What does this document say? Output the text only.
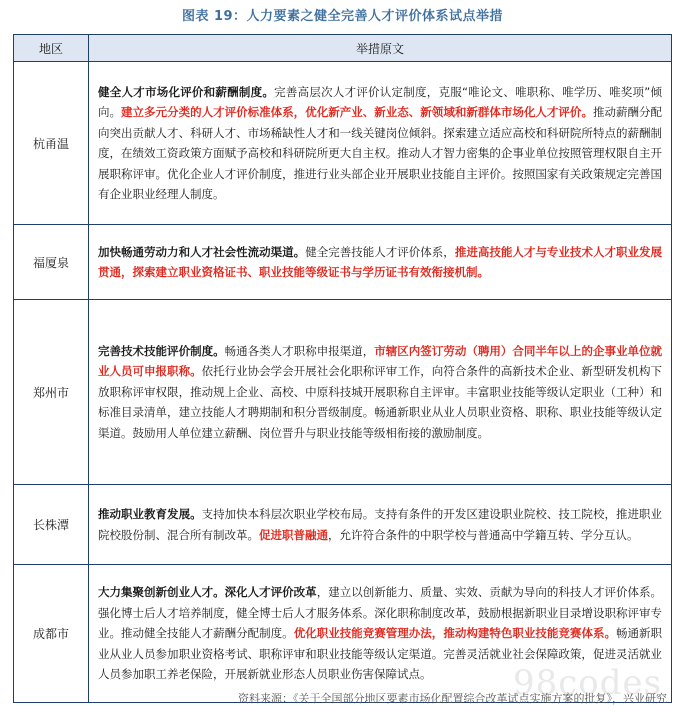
图表 19：人力要素之健全完善人才评价体系试点举措
地区	举措原文
杭甬温	健全人才市场化评价和薪酬制度。完善高层次人才评价认定制度，克服“唯论文、唯职称、唯学历、唯奖项”倾向。建立多元分类的人才评价标准体系，优化新产业、新业态、新领域和新群体市场化人才评价。推动薪酬分配向突出贡献人才、科研人才、市场稀缺性人才和一线关键岗位倾斜。探索建立适应高校和科研院所特点的薪酬制度，在绩效工资政策方面赋予高校和科研院所更大自主权。推动人才智力密集的企事业单位按照管理权限自主开展职称评审。优化企业人才评价制度，推进行业头部企业开展职业技能自主评价。按照国家有关政策规定完善国有企业职业经理人制度。
福厦泉	加快畅通劳动力和人才社会性流动渠道。健全完善技能人才评价体系，推进高技能人才与专业技术人才职业发展贯通，探索建立职业资格证书、职业技能等级证书与学历证书有效衔接机制。
郑州市	完善技术技能评价制度。畅通各类人才职称申报渠道，市辖区内签订劳动（聘用）合同半年以上的企事业单位就业人员可申报职称。依托行业协会学会开展社会化职称评审工作，向符合条件的高新技术企业、新型研发机构下放职称评审权限，推动规上企业、高校、中原科技城开展职称自主评审。丰富职业技能等级认定职业（工种）和标准目录清单，建立技能人才聘期制和积分晋级制度。畅通新职业从业人员职业资格、职称、职业技能等级认定渠道。鼓励用人单位建立薪酬、岗位晋升与职业技能等级相衔接的激励制度。
长株潭	推动职业教育发展。支持加快本科层次职业学校布局。支持有条件的开发区建设职业院校、技工院校，推进职业院校股份制、混合所有制改革。促进职普融通，允许符合条件的中职学校与普通高中学籍互转、学分互认。
成都市	大力集聚创新创业人才。深化人才评价改革，建立以创新能力、质量、实效、贡献为导向的科技人才评价体系。强化博士后人才培养制度，健全博士后人才服务体系。深化职称制度改革，鼓励根据新职业目录增设职称评审专业。推动健全技能人才薪酬分配制度。优化职业技能竞赛管理办法，推动构建特色职业技能竞赛体系。畅通新职业从业人员参加职业资格考试、职称评审和职业技能等级认定渠道。完善灵活就业社会保障政策，促进灵活就业人员参加职工养老保险，开展新就业形态人员职业伤害保障试点。 98codes
资料来源：《关于全国部分地区要素市场化配置综合改革试点实施方案的批复》，兴业研究
